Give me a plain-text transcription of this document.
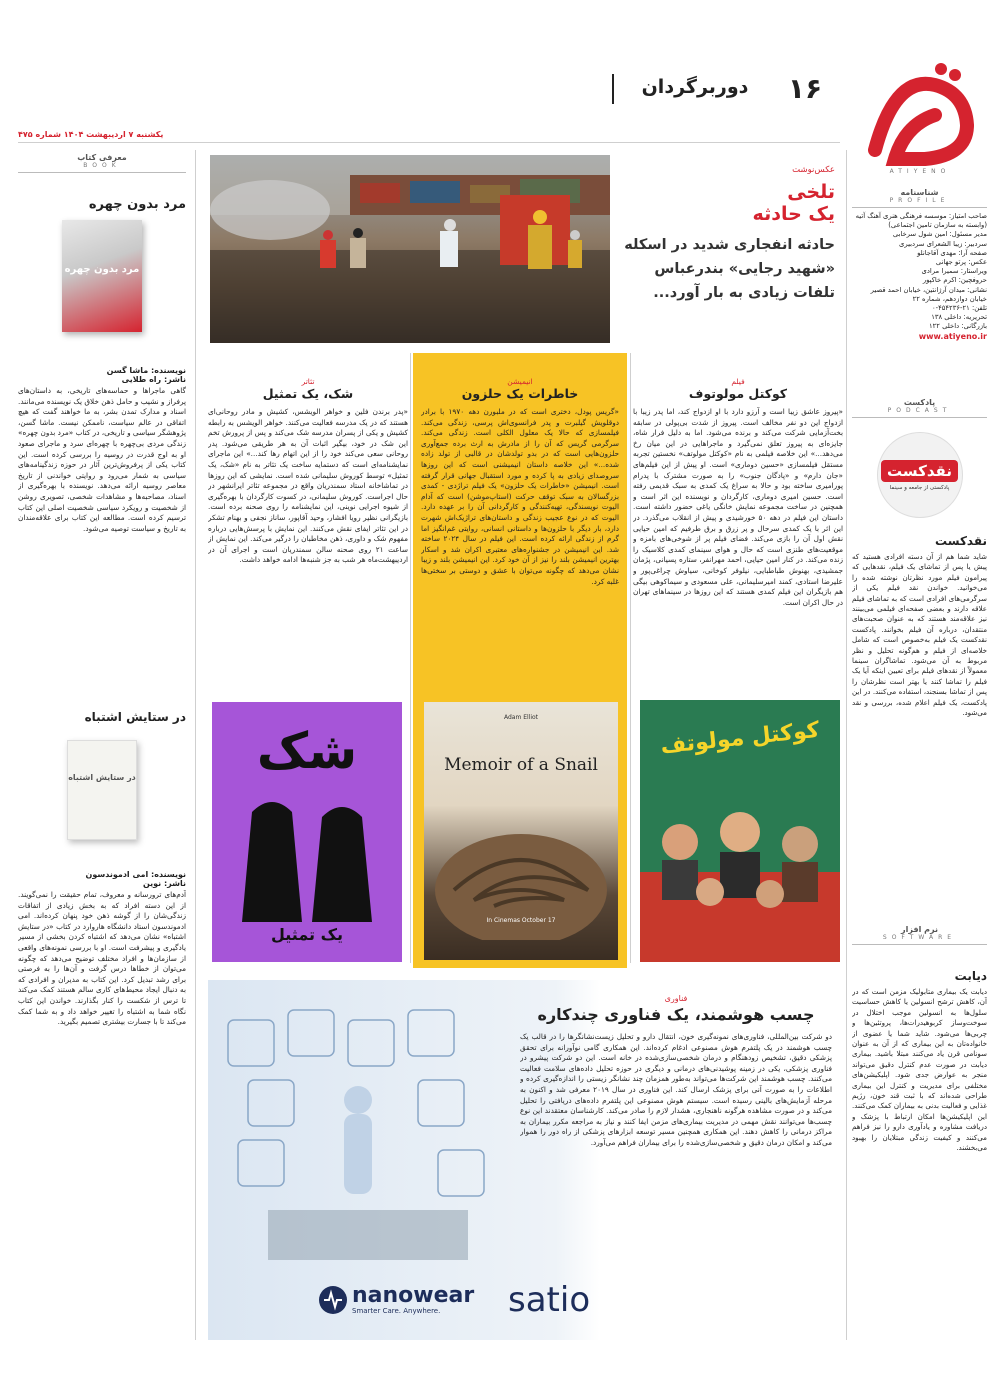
ATIYENO
۱۶
دوربرگردان
یکشنبه ۷ اردیبهشت ۱۴۰۴ شماره ۴۷۵
شناسنامه
PROFILE
صاحب امتیاز: موسسه فرهنگی هنری آهنگ آتیه
(وابسته به سازمان تامین اجتماعی)
مدیر مسئول: امین شول سرخابی
سردبیر: زیبا الشعرای سردبیری
صفحه آرا: مهدی آقاجانلو
عکس: پرتو جهانی
ویراستار: سمیرا مرادی
حروفچین: اکرم خاکپور
نشانی: میدان آرژانتین، خیابان احمد قصیر
خیابان دوازدهم، شماره ۲۲
تلفن: ۲۱-۴۵۴۲۳۶-۰
تحریریه: داخلی ۱۳۸
بازرگانی: داخلی ۱۲۲
www.atiyeno.ir
پادکست
PODCAST
نقدکست
پادکستی از جامعه و سینما
نقدکست
شاید شما هم از آن دسته افرادی هستید که پیش یا پس از تماشای یک فیلم، نقدهایی که پیرامون فیلم مورد نظرتان نوشته شده را می‌خوانید. خواندن نقد فیلم یکی از سرگرمی‌های افرادی است که به تماشای فیلم علاقه دارند و بعضی صفحه‌ای فیلمی می‌بینند نیز علاقه‌مند هستند که به عنوان صحبت‌های منتقدان، درباره آن فیلم بخوانند. پادکست نقدکست یک فیلم به‌خصوص است که شامل خلاصه‌ای از فیلم و هم‌گونه تحلیل و نظر مربوط به آن می‌شود. تماشاگران سینما معمولاً از نقدهای فیلم برای تعیین اینکه آیا یک فیلم را تماشا کنند یا بهتر است نظرشان را پس از تماشا بسنجند، استفاده می‌کنند. در این پادکست، یک فیلم اعلام شده، بررسی و نقد می‌شود.
نرم افزار
SOFTWARE
دیابت
دیابت یک بیماری متابولیک مزمن است که در آن، کاهش ترشح انسولین یا کاهش حساسیت سلول‌ها به انسولین موجب اختلال در سوخت‌وساز کربوهیدرات‌ها، پروتئین‌ها و چربی‌ها می‌شود. شاید شما یا عضوی از خانواده‌تان به این بیماری که از آن به عنوان سونامی قرن یاد می‌کنند مبتلا باشید. بیماری دیابت در صورت عدم کنترل دقیق می‌تواند منجر به عوارض جدی شود. اپلیکیشن‌های مختلفی برای مدیریت و کنترل این بیماری طراحی شده‌اند که با ثبت قند خون، رژیم غذایی و فعالیت بدنی به بیماران کمک می‌کنند. این اپلیکیشن‌ها امکان ارتباط با پزشک و دریافت مشاوره و یادآوری دارو را نیز فراهم می‌کنند و کیفیت زندگی مبتلایان را بهبود می‌بخشند.
عکس‌نوشت
تلخی
یک حادثه
حادثه انفجاری شدید در اسکله «شهید رجایی» بندرعباس تلفات زیادی به بار آورد...
فیلم
کوکتل مولوتوف
«پیروز عاشق زیبا است و آرزو دارد با او ازدواج کند، اما پدر زیبا با ازدواج این دو نفر مخالف است. پیروز از شدت بی‌پولی در سابقه بخت‌آزمایی شرکت می‌کند و برنده می‌شود. اما به دلیل فرار شاه، جایزه‌ای به پیروز تعلق نمی‌گیرد و ماجراهایی در این میان رخ می‌دهد...» این خلاصه فیلمی به نام «کوکتل مولوتف» نخستین تجربه مستقل فیلمسازی «حسین دوماری» است. او پیش از این فیلم‌های «جان دارم» و «پادگان جنوب» را به صورت مشترک با پدرام پورامیری ساخته بود و حالا به سراغ یک کمدی به سبک قدیمی رفته است. حسین امیری دوماری، کارگردان و نویسنده این اثر است و همچنین در ساخت مجموعه نمایش خانگی یاغی حضور داشته است. داستان این فیلم در دهه ۵۰ خورشیدی و پیش از انقلاب می‌گذرد. در این اثر با یک کمدی سرحال و پر زرق و برق طرفیم که امین حیایی نقش اول آن را بازی می‌کند. فضای فیلم پر از شوخی‌های بامزه و موقعیت‌های طنزی است که حال و هوای سینمای کمدی کلاسیک را زنده می‌کند. در کنار امین حیایی، احمد مهرانفر، ستاره پسیانی، پژمان جمشیدی، بهنوش طباطبایی، نیلوفر کوخانی، سیاوش چراغی‌پور و علیرضا استادی، کمند امیرسلیمانی، علی مسعودی و سیماکوهی بیگی هم بازیگران این فیلم کمدی هستند که این روزها در سینماهای تهران در حال اکران است.
انیمیشن
خاطرات یک حلزون
«گریس پودل، دختری است که در ملبورن دهه ۱۹۷۰ با برادر دوقلویش گیلبرت و پدر فرانسوی‌اش پرسی، زندگی می‌کند. فیلمسازی که حالا یک معلول الکلی است. زندگی می‌کند. سرگرمی گریس که آن را از مادرش به ارث برده جمع‌آوری حلزون‌هایی است که در بدو تولدشان در قالبی از تولد زاده شده...» این خلاصه داستان انیمیشنی است که این روزها سروصدای زیادی به پا کرده و مورد استقبال جهانی قرار گرفته است. انیمیشن «خاطرات یک حلزون» یک فیلم تراژدی - کمدی بزرگسالان به سبک توقف حرکت (استاپ‌موشن) است که آدام الیوت نویسندگی، تهیه‌کنندگی و کارگردانی آن را بر عهده دارد. الیوت که در نوع عجیب زندگی و داستان‌های تراژیک‌اش شهرت دارد، بار دیگر با حلزون‌ها و داستانی انسانی، روایتی غم‌انگیز اما گرم از زندگی ارائه کرده است. این فیلم در سال ۲۰۲۴ ساخته شد. این انیمیشن در جشنواره‌های معتبری اکران شد و اسکار بهترین انیمیشن بلند را نیز از آن خود کرد. این انیمیشن بلند و زیبا نشان می‌دهد که چگونه می‌توان با عشق و دوستی بر سختی‌ها غلبه کرد.
تئاتر
شک، یک تمثیل
«پدر برندن فلین و خواهر الویشس، کشیش و مادر روحانی‌ای هستند که در یک مدرسه فعالیت می‌کنند. خواهر الویشس به رابطه کشیش و یکی از پسران مدرسه شک می‌کند و پس از پرورش تخم این شک در خود، بیگیر اثبات آن به هر طریقی می‌شود. پدر روحانی سعی می‌کند خود را از این اتهام رها کند...» این ماجرای نمایشنامه‌ای است که دستمایه ساخت یک تئاتر به نام «شک، یک تمثیل» توسط کوروش سلیمانی شده است. نمایشی که این روزها در تماشاخانه استاد سمندریان واقع در مجموعه تئاتر ایرانشهر در حال اجراست. کوروش سلیمانی، در کسوت کارگردان با بهره‌گیری از شیوه اجرایی نوینی، این نمایشنامه را روی صحنه برده است. بازیگرانی نظیر رویا افشار، وحید آقاپور، ساناز نجفی و بهنام تشکر در این تئاتر ایفای نقش می‌کنند. این نمایش با پرسش‌هایی درباره مفهوم شک و داوری، ذهن مخاطبان را درگیر می‌کند. این نمایش از ساعت ۲۱ روی صحنه سالن سمندریان است و اجرای آن در اردیبهشت‌ماه هر شب به جز شنبه‌ها ادامه خواهد داشت.
کوکتل مولوتف
Adam Elliot
Memoir of a Snail
In Cinemas October 17
شک
یک تمثیل
معرفی کتاب
BOOK
مرد بدون چهره
مرد بدون چهره
نویسنده: ماشا گسن
ناشر: راه طلایی
گاهی ماجراها و حماسه‌های تاریخی، به داستان‌های پرفراز و نشیب و حامل ذهن خلاق یک نویسنده می‌مانند. اسناد و مدارک تمدن بشر، به ما خواهند گفت که هیچ اتفاقی در عالم سیاست، ناممکن نیست. ماشا گسن، پژوهشگر سیاسی و تاریخی، در کتاب «مرد بدون چهره» زندگی مردی بی‌چهره با چهره‌ای سرد و ماجرای صعود او به اوج قدرت در روسیه را بررسی کرده است. این کتاب یکی از پرفروش‌ترین آثار در حوزه زندگینامه‌های سیاسی به شمار می‌رود و روایتی خواندنی از تاریخ معاصر روسیه ارائه می‌دهد. نویسنده با بهره‌گیری از اسناد، مصاحبه‌ها و مشاهدات شخصی، تصویری روشن از شخصیت و رویکرد سیاسی شخصیت اصلی این کتاب ترسیم کرده است. مطالعه این کتاب برای علاقه‌مندان به تاریخ و سیاست توصیه می‌شود.
در ستایش اشتباه
در ستایش اشتباه
نویسنده: امی ادموندسون
ناشر: نوین
آدم‌های ترورسانه و معروف، تمام حقیقت را نمی‌گویند. از این دسته افراد که به بخش زیادی از اتفاقات زندگی‌شان را از گوشه ذهن خود پنهان کرده‌اند. امی ادموندسون استاد دانشگاه هاروارد در کتاب «در ستایش اشتباه» نشان می‌دهد که اشتباه کردن بخشی از مسیر یادگیری و پیشرفت است. او با بررسی نمونه‌های واقعی از سازمان‌ها و افراد مختلف توضیح می‌دهد که چگونه می‌توان از خطاها درس گرفت و آن‌ها را به فرصتی برای رشد تبدیل کرد. این کتاب به مدیران و افرادی که به دنبال ایجاد محیط‌های کاری سالم هستند کمک می‌کند تا ترس از شکست را کنار بگذارند. خواندن این کتاب نگاه شما به اشتباه را تغییر خواهد داد و به شما کمک می‌کند تا با جسارت بیشتری تصمیم بگیرید.
فناوری
چسب هوشمند، یک فناوری چندکاره
دو شرکت بین‌المللی، فناوری‌های نمونه‌گیری خون، انتقال دارو و تحلیل زیست‌نشانگرها را در قالب یک چسب هوشمند در یک پلتفرم هوش مصنوعی ادغام کرده‌اند. این همکاری گامی نوآورانه برای تحقق پزشکی دقیق، تشخیص زودهنگام و درمان شخصی‌سازی‌شده در خانه است. این دو شرکت پیشرو در فناوری پزشکی، یکی در زمینه پوشیدنی‌های درمانی و دیگری در حوزه تحلیل داده‌های سلامت فعالیت می‌کنند. چسب هوشمند این شرکت‌ها می‌تواند به‌طور همزمان چند نشانگر زیستی را اندازه‌گیری کرده و اطلاعات را به صورت آنی برای پزشک ارسال کند. این فناوری در سال ۲۰۱۹ معرفی شد و اکنون به مرحله آزمایش‌های بالینی رسیده است. سیستم هوش مصنوعی این پلتفرم داده‌های دریافتی را تحلیل می‌کند و در صورت مشاهده هرگونه ناهنجاری، هشدار لازم را صادر می‌کند. کارشناسان معتقدند این نوع چسب‌ها می‌توانند نقش مهمی در مدیریت بیماری‌های مزمن ایفا کنند و نیاز به مراجعه مکرر بیماران به مراکز درمانی را کاهش دهند. این همکاری همچنین مسیر توسعه ابزارهای پزشکی از راه دور را هموار می‌کند و امکان درمان دقیق و شخصی‌سازی‌شده را برای بیماران فراهم می‌آورد.
nanowear
Smarter Care. Anywhere.	satio
